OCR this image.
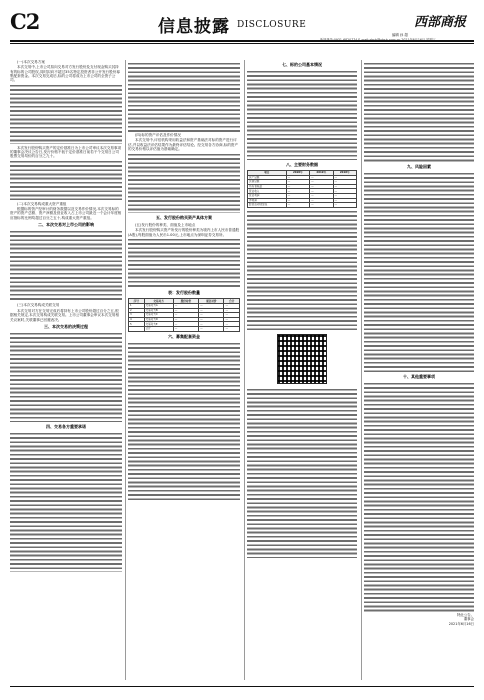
C2	信息披露 DISCLOSURE	西部商报
编辑 孙 超

(一)本次交易方案

本次交易中,上市公司拟向交易对方发行股份及支付现金购买其持有的标的公司股权,同时拟向不超过35名特定投资者非公开发行股份募集配套资金。本次交易完成后,标的公司将成为上市公司的全资子公司。

本次发行股份购买资产的定价基准日为上市公司审议本次交易事项的董事会决议公告日,发行价格不低于定价基准日前若干个交易日公司股票交易均价的百分之九十。

(二)本次交易构成重大资产重组

根据标的资产经审计的财务数据以及交易作价情况,本次交易标的资产的资产总额、资产净额及营业收入占上市公司最近一个会计年度相应指标的比例均超过百分之五十,构成重大资产重组。

二、本次交易对上市公司的影响

(三)本次交易构成关联交易

本次交易对方在交易完成后将持有上市公司股份超过百分之五,根据相关规定,本次交易构成关联交易。上市公司董事会审议本次交易相关议案时,关联董事已回避表决。

三、本次交易的决策过程
四、交易各方重要承诺

(四)标的资产评估及作价情况

本次交易中,评估机构采用收益法和资产基础法对标的资产进行评估,并以收益法评估结果作为最终评估结论。经交易各方协商,标的资产的交易价格以评估值为基础确定。

五、发行股份购买资产具体方案

(五)发行股份的种类、面值及上市地点

本次发行股份购买资产所发行的股份种类为境内上市人民币普通股(A股),每股面值为人民币1.00元,上市地点为深圳证券交易所。

表：发行股份数量
序号	交易对方	股份对价	现金对价	合计
1	交易对方A	—	—	—
2	交易对方B	—	—	—
3	交易对方C	—	—	—
4	交易对方D	—	—	—
5	交易对方E	—	—	—
	合计	—	—	—
六、募集配套资金
七、标的公司基本情况
八、主要财务数据
项目	2020年	2019年	2018年
资产总额	—	—	—
负债总额	—	—	—
所有者权益	—	—	—
营业收入	—	—	—
营业利润	—	—	—
净利润	—	—	—
经营活动现金流	—	—	—
九、风险因素
十、其他重要事项
特此公告。
董事会
2021年6月16日
